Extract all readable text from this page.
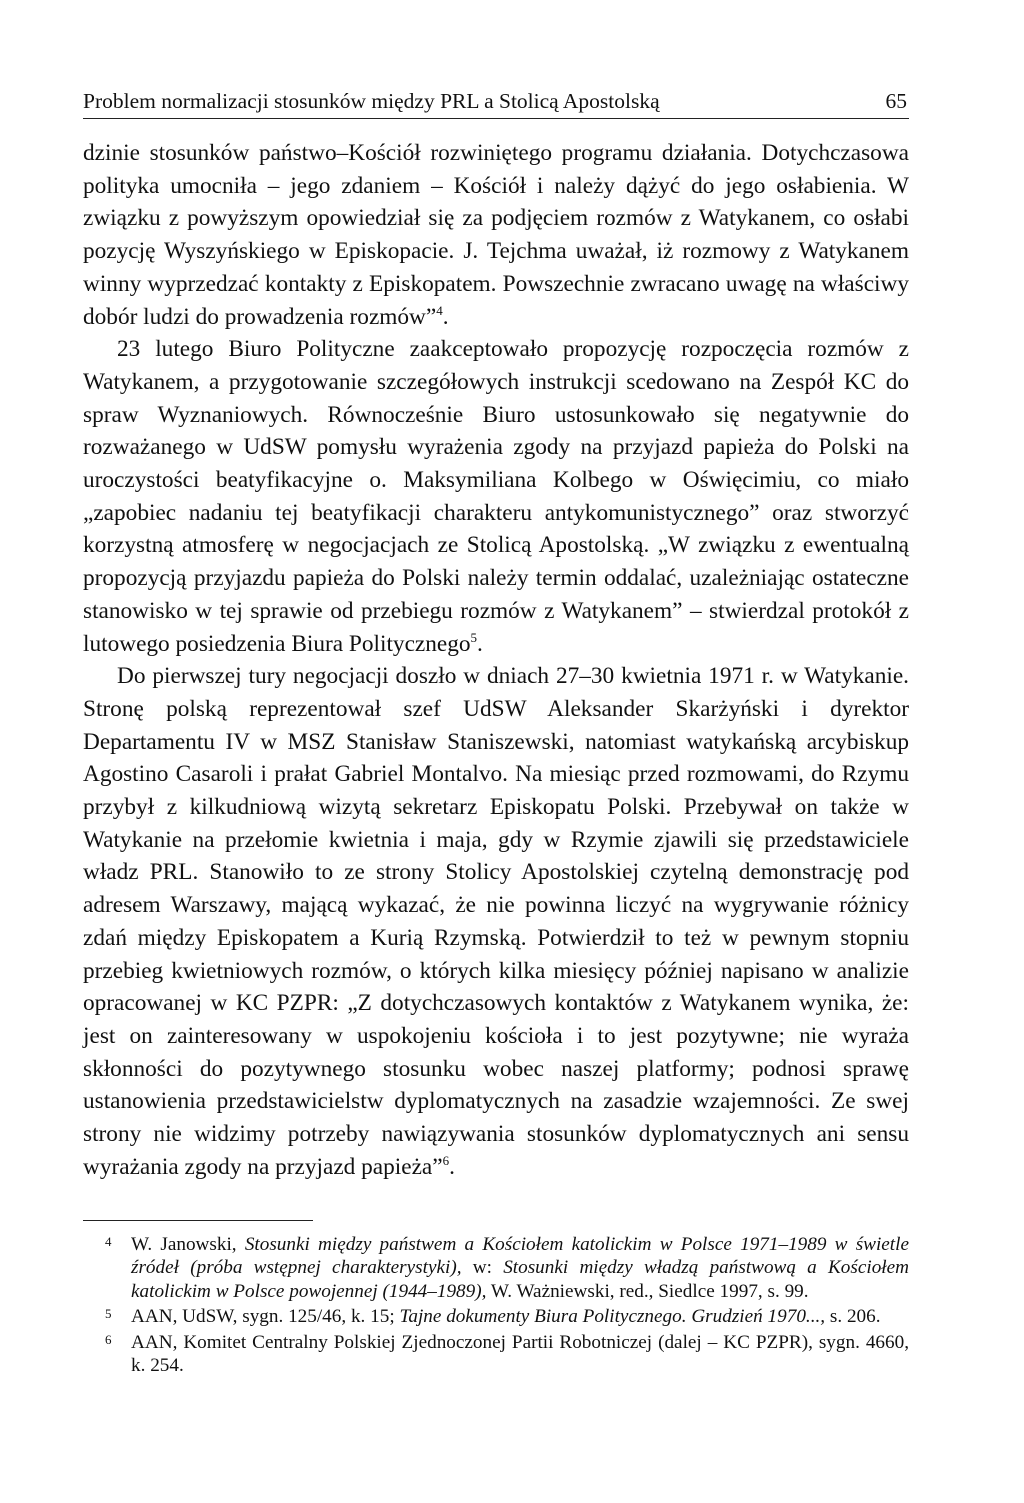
Problem normalizacji stosunków między PRL a Stolicą Apostolską	65

dzinie stosunków państwo–Kościół rozwiniętego programu działania. Dotychczasowa polityka umocniła – jego zdaniem – Kościół i należy dążyć do jego osłabienia. W związku z powyższym opowiedział się za podjęciem rozmów z Watykanem, co osłabi pozycję Wyszyńskiego w Episkopacie. J. Tejchma uważał, iż rozmowy z Watykanem winny wyprzedzać kontakty z Episkopatem. Powszechnie zwracano uwagę na właściwy dobór ludzi do prowadzenia rozmów”$^4$.

23 lutego Biuro Polityczne zaakceptowało propozycję rozpoczęcia rozmów z Watykanem, a przygotowanie szczegółowych instrukcji scedowano na Zespół KC do spraw Wyznaniowych. Równocześnie Biuro ustosunkowało się negatywnie do rozważanego w UdSW pomysłu wyrażenia zgody na przyjazd papieża do Polski na uroczystości beatyfikacyjne o. Maksymiliana Kolbego w Oświęcimiu, co miało „zapobiec nadaniu tej beatyfikacji charakteru antykomunistycznego” oraz stworzyć korzystną atmosferę w negocjacjach ze Stolicą Apostolską. „W związku z ewentualną propozycją przyjazdu papieża do Polski należy termin oddalać, uzależniając ostateczne stanowisko w tej sprawie od przebiegu rozmów z Watykanem” – stwierdzal protokół z lutowego posiedzenia Biura Politycznego$^5$.

Do pierwszej tury negocjacji doszło w dniach 27–30 kwietnia 1971 r. w Watykanie. Stronę polską reprezentował szef UdSW Aleksander Skarżyński i dyrektor Departamentu IV w MSZ Stanisław Staniszewski, natomiast watykańską arcybiskup Agostino Casaroli i prałat Gabriel Montalvo. Na miesiąc przed rozmowami, do Rzymu przybył z kilkudniową wizytą sekretarz Episkopatu Polski. Przebywał on także w Watykanie na przełomie kwietnia i maja, gdy w Rzymie zjawili się przedstawiciele władz PRL. Stanowiło to ze strony Stolicy Apostolskiej czytelną demonstrację pod adresem Warszawy, mającą wykazać, że nie powinna liczyć na wygrywanie różnicy zdań między Episkopatem a Kurią Rzymską. Potwierdził to też w pewnym stopniu przebieg kwietniowych rozmów, o których kilka miesięcy później napisano w analizie opracowanej w KC PZPR: „Z dotychczasowych kontaktów z Watykanem wynika, że: jest on zainteresowany w uspokojeniu kościoła i to jest pozytywne; nie wyraża skłonności do pozytywnego stosunku wobec naszej platformy; podnosi sprawę ustanowienia przedstawicielstw dyplomatycznych na zasadzie wzajemności. Ze swej strony nie widzimy potrzeby nawiązywania stosunków dyplomatycznych ani sensu wyrażania zgody na przyjazd papieża”$^6$.

4 W. Janowski, Stosunki między państwem a Kościołem katolickim w Polsce 1971–1989 w świetle źródeł (próba wstępnej charakterystyki), w: Stosunki między władzą państwową a Kościołem katolickim w Polsce powojennej (1944–1989), W. Ważniewski, red., Siedlce 1997, s. 99.
5 AAN, UdSW, sygn. 125/46, k. 15; Tajne dokumenty Biura Politycznego. Grudzień 1970..., s. 206.
6 AAN, Komitet Centralny Polskiej Zjednoczonej Partii Robotniczej (dalej – KC PZPR), sygn. 4660, k. 254.
